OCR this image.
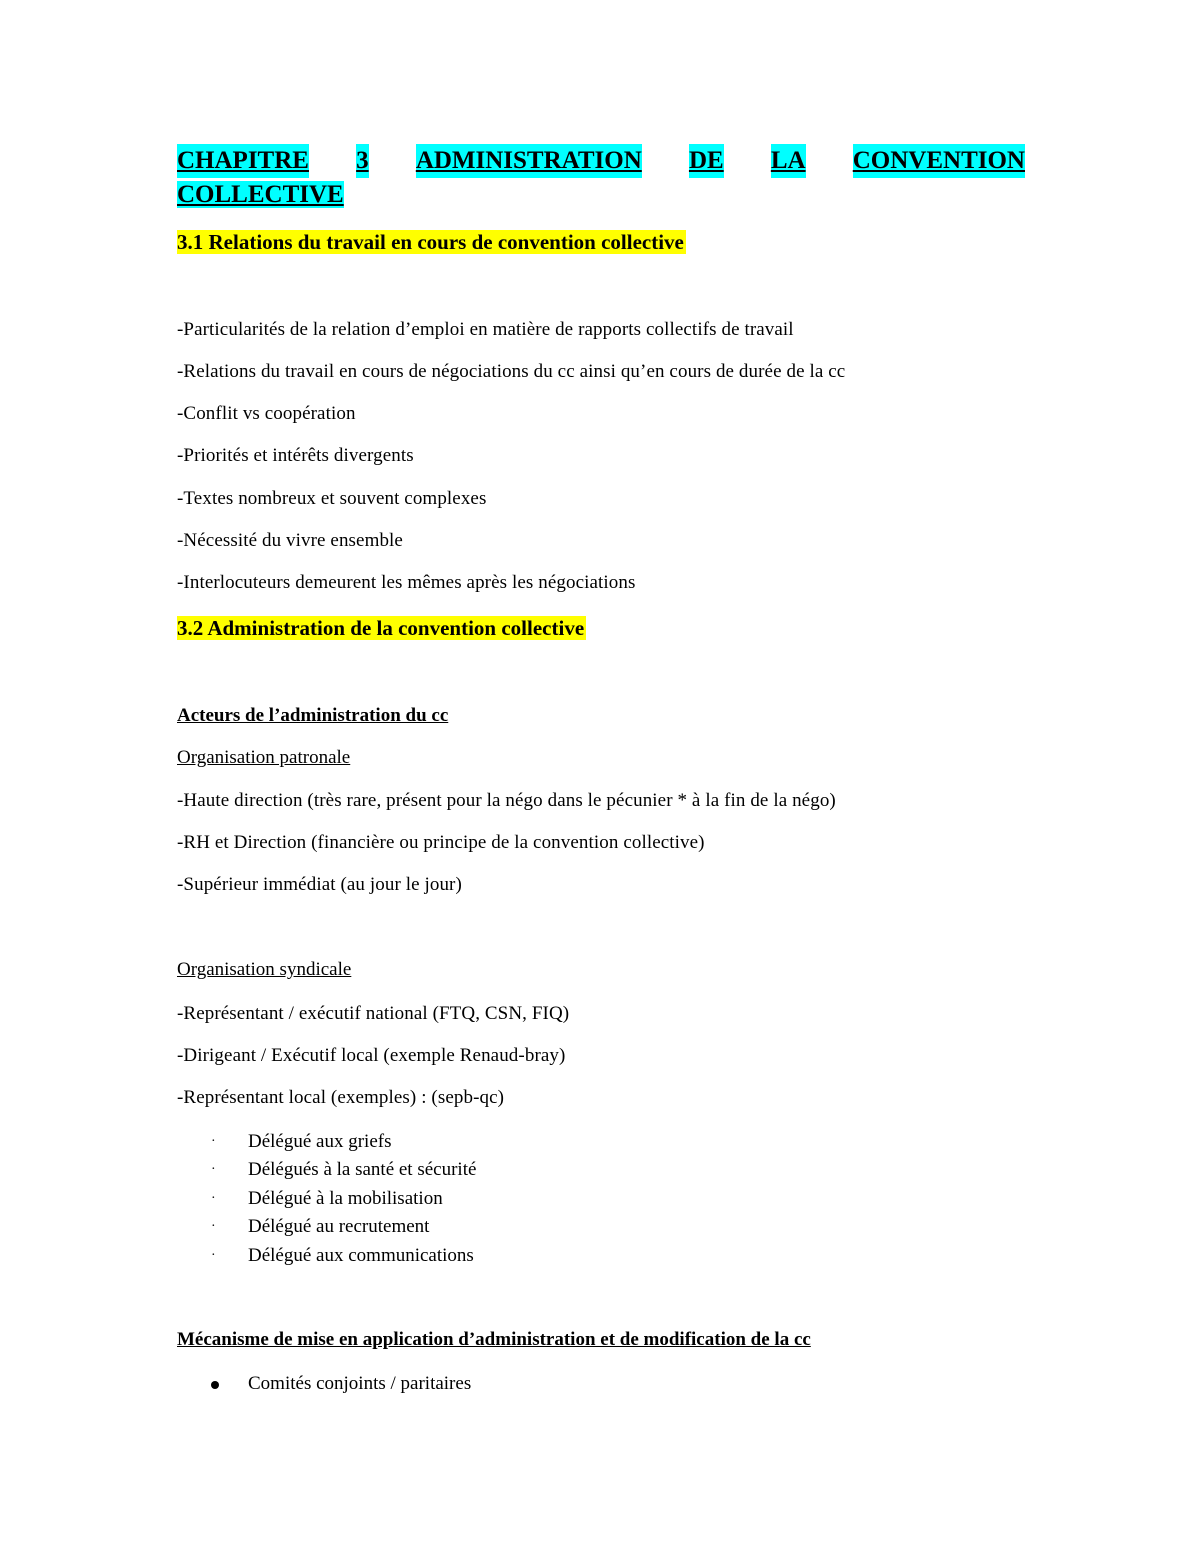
CHAPITRE 3 ADMINISTRATION DE LA CONVENTION
COLLECTIVE
3.1 Relations du travail en cours de convention collective
-Particularités de la relation d’emploi en matière de rapports collectifs de travail
-Relations du travail en cours de négociations du cc ainsi qu’en cours de durée de la cc
-Conflit vs coopération
-Priorités et intérêts divergents
-Textes nombreux et souvent complexes
-Nécessité du vivre ensemble
-Interlocuteurs demeurent les mêmes après les négociations
3.2 Administration de la convention collective
Acteurs de l’administration du cc
Organisation patronale
-Haute direction (très rare, présent pour la négo dans le pécunier * à la fin de la négo)
-RH et Direction (financière ou principe de la convention collective)
-Supérieur immédiat (au jour le jour)
Organisation syndicale
-Représentant / exécutif national (FTQ, CSN, FIQ)
-Dirigeant / Exécutif local (exemple Renaud-bray)
-Représentant local (exemples) : (sepb-qc)
·	Délégué aux griefs
·	Délégués à la santé et sécurité
·	Délégué à la mobilisation
·	Délégué au recrutement
·	Délégué aux communications
Mécanisme de mise en application d’administration et de modification de la cc
Comités conjoints / paritaires
